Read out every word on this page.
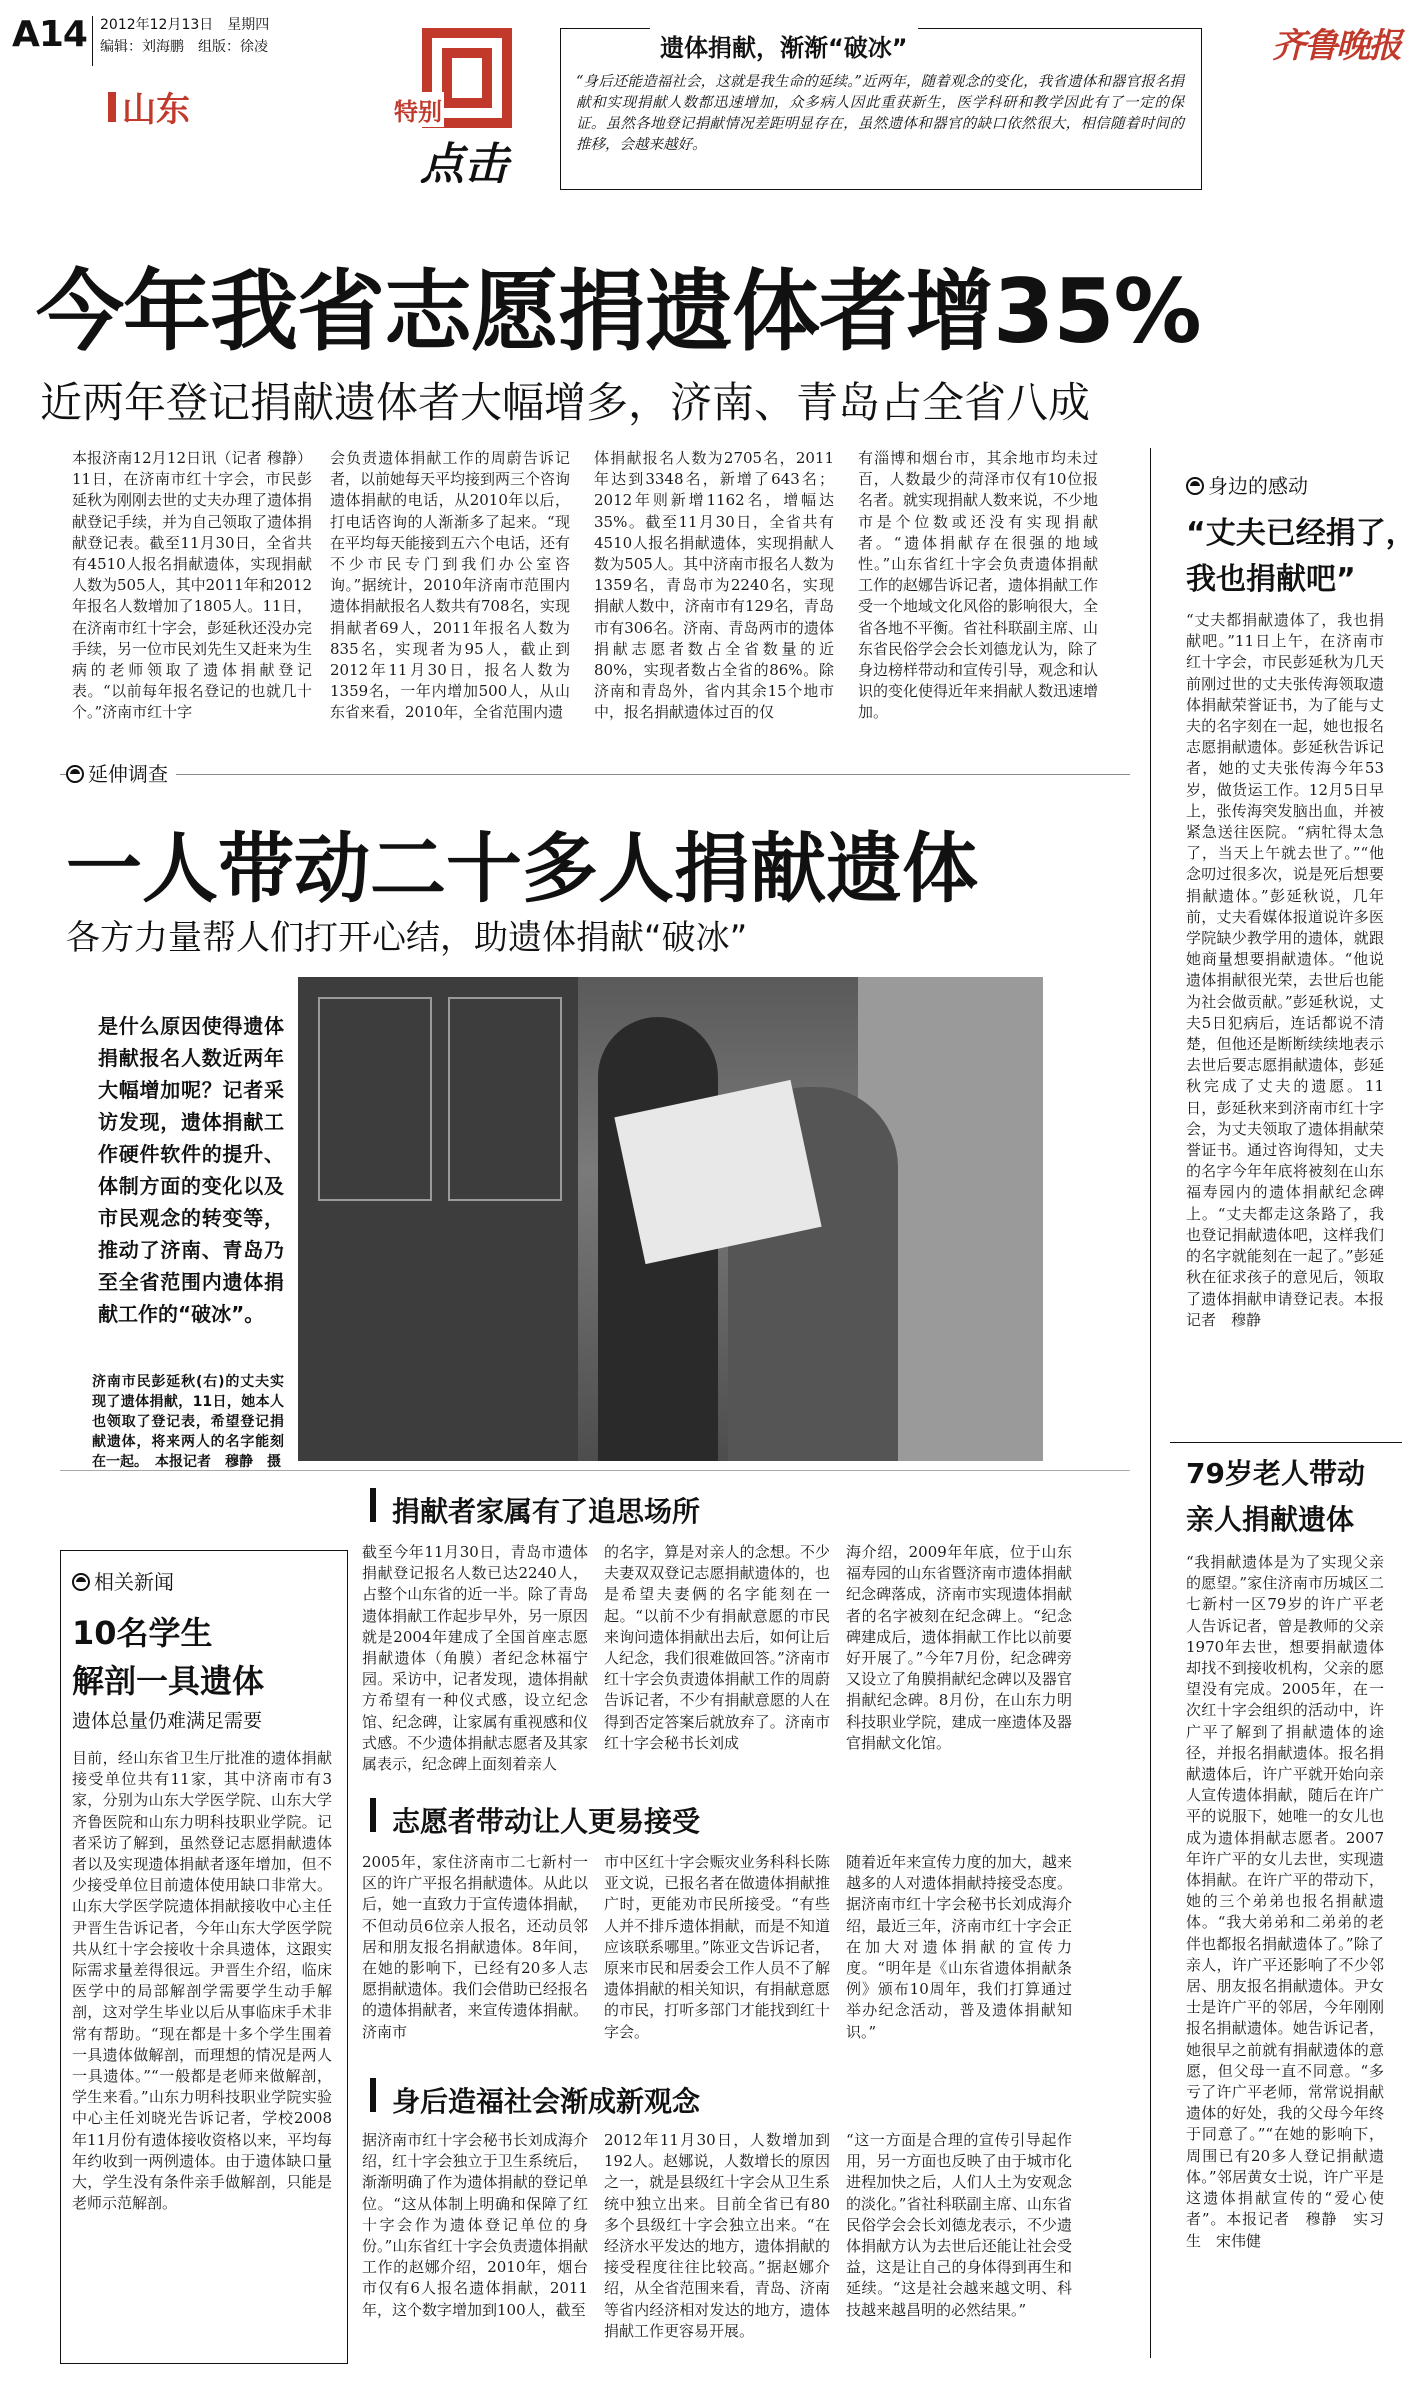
A14 2012年12月13日　星期四
编辑：刘海鹏　组版：徐凌
山东	特别
点击
遗体捐献，渐渐“破冰”
“身后还能造福社会，这就是我生命的延续。”近两年，随着观念的变化，我省遗体和器官报名捐献和实现捐献人数都迅速增加，众多病人因此重获新生，医学科研和教学因此有了一定的保证。虽然各地登记捐献情况差距明显存在，虽然遗体和器官的缺口依然很大，相信随着时间的推移，会越来越好。
齐鲁晚报
今年我省志愿捐遗体者增35%
近两年登记捐献遗体者大幅增多，济南、青岛占全省八成
本报济南12月12日讯（记者 穆静） 11日，在济南市红十字会，市民彭延秋为刚刚去世的丈夫办理了遗体捐献登记手续，并为自己领取了遗体捐献登记表。截至11月30日，全省共有4510人报名捐献遗体，实现捐献人数为505人，其中2011年和2012年报名人数增加了1805人。11日，在济南市红十字会，彭延秋还没办完手续，另一位市民刘先生又赶来为生病的老师领取了遗体捐献登记表。“以前每年报名登记的也就几十个。”济南市红十字
会负责遗体捐献工作的周蔚告诉记者，以前她每天平均接到两三个咨询遗体捐献的电话，从2010年以后，打电话咨询的人渐渐多了起来。“现在平均每天能接到五六个电话，还有不少市民专门到我们办公室咨询。”据统计，2010年济南市范围内遗体捐献报名人数共有708名，实现捐献者69人，2011年报名人数为835名，实现者为95人，截止到2012年11月30日，报名人数为1359名，一年内增加500人，从山东省来看，2010年，全省范围内遗
体捐献报名人数为2705名，2011年达到3348名，新增了643名；2012年则新增1162名，增幅达35%。截至11月30日，全省共有4510人报名捐献遗体，实现捐献人数为505人。其中济南市报名人数为1359名，青岛市为2240名，实现捐献人数中，济南市有129名，青岛市有306名。济南、青岛两市的遗体捐献志愿者数占全省数量的近80%，实现者数占全省的86%。除济南和青岛外，省内其余15个地市中，报名捐献遗体过百的仅
有淄博和烟台市，其余地市均未过百，人数最少的菏泽市仅有10位报名者。就实现捐献人数来说，不少地市是个位数或还没有实现捐献者。“遗体捐献存在很强的地域性。”山东省红十字会负责遗体捐献工作的赵娜告诉记者，遗体捐献工作受一个地域文化风俗的影响很大，全省各地不平衡。省社科联副主席、山东省民俗学会会长刘德龙认为，除了身边榜样带动和宣传引导，观念和认识的变化使得近年来捐献人数迅速增加。
身边的感动
“丈夫已经捐了，
我也捐献吧”
“丈夫都捐献遗体了，我也捐献吧。”11日上午，在济南市红十字会，市民彭延秋为几天前刚过世的丈夫张传海领取遗体捐献荣誉证书，为了能与丈夫的名字刻在一起，她也报名志愿捐献遗体。彭延秋告诉记者，她的丈夫张传海今年53岁，做货运工作。12月5日早上，张传海突发脑出血，并被紧急送往医院。“病牤得太急了，当天上午就去世了。”“他念叨过很多次，说是死后想要捐献遗体。”彭延秋说，几年前，丈夫看媒体报道说许多医学院缺少教学用的遗体，就跟她商量想要捐献遗体。“他说遗体捐献很光荣，去世后也能为社会做贡献。”彭延秋说，丈夫5日犯病后，连话都说不清楚，但他还是断断续续地表示去世后要志愿捐献遗体，彭延秋完成了丈夫的遗愿。11日，彭延秋来到济南市红十字会，为丈夫领取了遗体捐献荣誉证书。通过咨询得知，丈夫的名字今年年底将被刻在山东福寿园内的遗体捐献纪念碑上。“丈夫都走这条路了，我也登记捐献遗体吧，这样我们的名字就能刻在一起了。”彭延秋在征求孩子的意见后，领取了遗体捐献申请登记表。本报记者　穆静
79岁老人带动
亲人捐献遗体
“我捐献遗体是为了实现父亲的愿望。”家住济南市历城区二七新村一区79岁的许广平老人告诉记者，曾是教师的父亲1970年去世，想要捐献遗体却找不到接收机构，父亲的愿望没有完成。2005年，在一次红十字会组织的活动中，许广平了解到了捐献遗体的途径，并报名捐献遗体。报名捐献遗体后，许广平就开始向亲人宣传遗体捐献，随后在许广平的说服下，她唯一的女儿也成为遗体捐献志愿者。2007年许广平的女儿去世，实现遗体捐献。在许广平的带动下，她的三个弟弟也报名捐献遗体。“我大弟弟和二弟弟的老伴也都报名捐献遗体了。”除了亲人，许广平还影响了不少邻居、朋友报名捐献遗体。尹女士是许广平的邻居，今年刚刚报名捐献遗体。她告诉记者，她很早之前就有捐献遗体的意愿，但父母一直不同意。“多亏了许广平老师，常常说捐献遗体的好处，我的父母今年终于同意了。”“在她的影响下，周围已有20多人登记捐献遗体。”邻居黄女士说，许广平是这遗体捐献宣传的“爱心使者”。本报记者　穆静　实习生　宋伟健
延伸调查
一人带动二十多人捐献遗体
各方力量帮人们打开心结，助遗体捐献“破冰”
是什么原因使得遗体捐献报名人数近两年大幅增加呢？记者采访发现，遗体捐献工作硬件软件的提升、体制方面的变化以及市民观念的转变等，推动了济南、青岛乃至全省范围内遗体捐献工作的“破冰”。
济南市民彭延秋(右)的丈夫实现了遗体捐献，11日，她本人也领取了登记表，希望登记捐献遗体，将来两人的名字能刻在一起。　本报记者　穆静　摄
捐献者家属有了追思场所
截至今年11月30日，青岛市遗体捐献登记报名人数已达2240人，占整个山东省的近一半。除了青岛遗体捐献工作起步早外，另一原因就是2004年建成了全国首座志愿捐献遗体（角膜）者纪念林福宁园。采访中，记者发现，遗体捐献方希望有一种仪式感，设立纪念馆、纪念碑，让家属有重视感和仪式感。不少遗体捐献志愿者及其家属表示，纪念碑上面刻着亲人
的名字，算是对亲人的念想。不少夫妻双双登记志愿捐献遗体的，也是希望夫妻俩的名字能刻在一起。“以前不少有捐献意愿的市民来询问遗体捐献出去后，如何让后人纪念，我们很难做回答。”济南市红十字会负责遗体捐献工作的周蔚告诉记者，不少有捐献意愿的人在得到否定答案后就放弃了。济南市红十字会秘书长刘成
海介绍，2009年年底，位于山东福寿园的山东省暨济南市遗体捐献纪念碑落成，济南市实现遗体捐献者的名字被刻在纪念碑上。“纪念碑建成后，遗体捐献工作比以前要好开展了。”今年7月份，纪念碑旁又设立了角膜捐献纪念碑以及器官捐献纪念碑。8月份，在山东力明科技职业学院，建成一座遗体及器官捐献文化馆。
志愿者带动让人更易接受
2005年，家住济南市二七新村一区的许广平报名捐献遗体。从此以后，她一直致力于宣传遗体捐献，不但动员6位亲人报名，还动员邻居和朋友报名捐献遗体。8年间，在她的影响下，已经有20多人志愿捐献遗体。我们会借助已经报名的遗体捐献者，来宣传遗体捐献。济南市
市中区红十字会赈灾业务科科长陈亚文说，已报名者在做遗体捐献推广时，更能劝市民所接受。“有些人并不排斥遗体捐献，而是不知道应该联系哪里。”陈亚文告诉记者，原来市民和居委会工作人员不了解遗体捐献的相关知识，有捐献意愿的市民，打听多部门才能找到红十字会。
随着近年来宣传力度的加大，越来越多的人对遗体捐献持接受态度。据济南市红十字会秘书长刘成海介绍，最近三年，济南市红十字会正在加大对遗体捐献的宣传力度。“明年是《山东省遗体捐献条例》颁布10周年，我们打算通过举办纪念活动，普及遗体捐献知识。”
身后造福社会渐成新观念
据济南市红十字会秘书长刘成海介绍，红十字会独立于卫生系统后，渐渐明确了作为遗体捐献的登记单位。“这从体制上明确和保障了红十字会作为遗体登记单位的身份。”山东省红十字会负责遗体捐献工作的赵娜介绍，2010年，烟台市仅有6人报名遗体捐献，2011年，这个数字增加到100人，截至
2012年11月30日，人数增加到192人。赵娜说，人数增长的原因之一，就是县级红十字会从卫生系统中独立出来。目前全省已有80多个县级红十字会独立出来。“在经济水平发达的地方，遗体捐献的接受程度往往比较高。”据赵娜介绍，从全省范围来看，青岛、济南等省内经济相对发达的地方，遗体捐献工作更容易开展。
“这一方面是合理的宣传引导起作用，另一方面也反映了由于城市化进程加快之后，人们人土为安观念的淡化。”省社科联副主席、山东省民俗学会会长刘德龙表示，不少遗体捐献方认为去世后还能让社会受益，这是让自己的身体得到再生和延续。“这是社会越来越文明、科技越来越昌明的必然结果。”
相关新闻
10名学生
解剖一具遗体
遗体总量仍难满足需要
目前，经山东省卫生厅批准的遗体捐献接受单位共有11家，其中济南市有3家，分别为山东大学医学院、山东大学齐鲁医院和山东力明科技职业学院。记者采访了解到，虽然登记志愿捐献遗体者以及实现遗体捐献者逐年增加，但不少接受单位目前遗体使用缺口非常大。山东大学医学院遗体捐献接收中心主任尹晋生告诉记者，今年山东大学医学院共从红十字会接收十余具遗体，这跟实际需求量差得很远。尹晋生介绍，临床医学中的局部解剖学需要学生动手解剖，这对学生毕业以后从事临床手术非常有帮助。“现在都是十多个学生围着一具遗体做解剖，而理想的情况是两人一具遗体。”“一般都是老师来做解剖，学生来看。”山东力明科技职业学院实验中心主任刘晓光告诉记者，学校2008年11月份有遗体接收资格以来，平均每年约收到一两例遗体。由于遗体缺口量大，学生没有条件亲手做解剖，只能是老师示范解剖。
